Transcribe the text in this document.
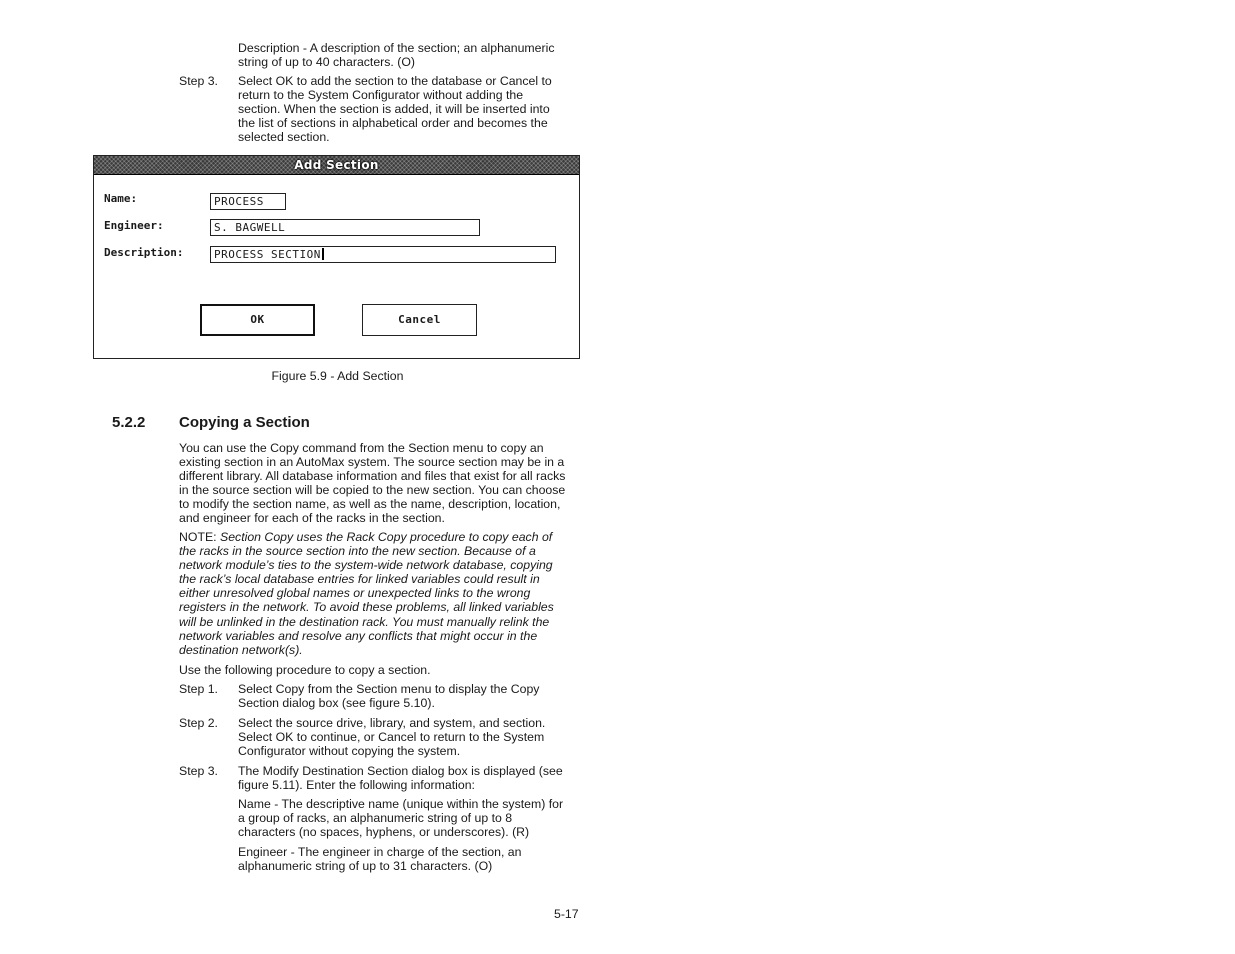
Description - A description of the section; an alphanumeric string of up to 40 characters. (O)

Step 3. Select OK to add the section to the database or Cancel to return to the System Configurator without adding the section. When the section is added, it will be inserted into the list of sections in alphabetical order and becomes the selected section.

Add Section
Name:	PROCESS
Engineer:	S. BAGWELL
Description:	PROCESS SECTION
OK	Cancel
Figure 5.9 - Add Section
5.2.2 Copying a Section

You can use the Copy command from the Section menu to copy an existing section in an AutoMax system. The source section may be in a different library. All database information and files that exist for all racks in the source section will be copied to the new section. You can choose to modify the section name, as well as the name, description, location, and engineer for each of the racks in the section.

NOTE: Section Copy uses the Rack Copy procedure to copy each of the racks in the source section into the new section. Because of a network module’s ties to the system-wide network database, copying the rack’s local database entries for linked variables could result in either unresolved global names or unexpected links to the wrong registers in the network. To avoid these problems, all linked variables will be unlinked in the destination rack. You must manually relink the network variables and resolve any conflicts that might occur in the destination network(s).

Use the following procedure to copy a section.

Step 1. Select Copy from the Section menu to display the Copy Section dialog box (see figure 5.10).

Step 2. Select the source drive, library, and system, and section. Select OK to continue, or Cancel to return to the System Configurator without copying the system.

Step 3. The Modify Destination Section dialog box is displayed (see figure 5.11). Enter the following information:

Name - The descriptive name (unique within the system) for a group of racks, an alphanumeric string of up to 8 characters (no spaces, hyphens, or underscores). (R)

Engineer - The engineer in charge of the section, an alphanumeric string of up to 31 characters. (O)

5-17
